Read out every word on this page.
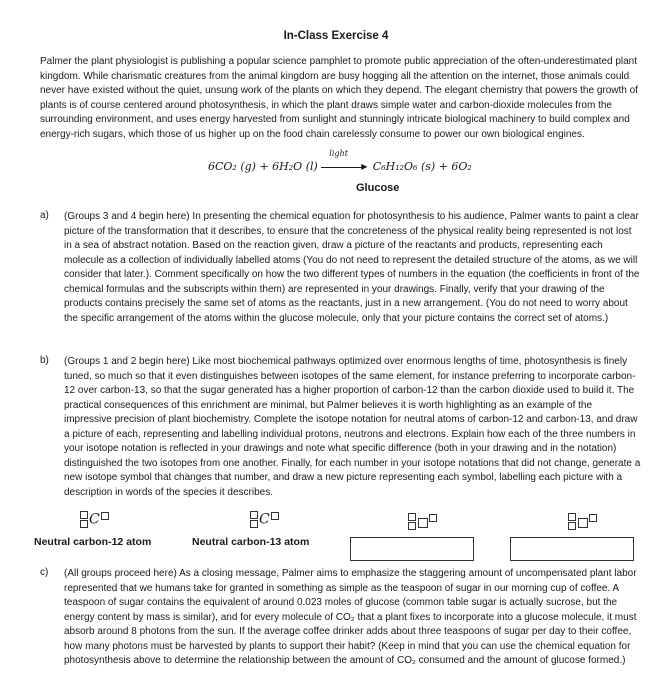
In-Class Exercise 4
Palmer the plant physiologist is publishing a popular science pamphlet to promote public appreciation of the often-underestimated plant kingdom. While charismatic creatures from the animal kingdom are busy hogging all the attention on the internet, those animals could never have existed without the quiet, unsung work of the plants on which they depend. The elegant chemistry that powers the growth of plants is of course centered around photosynthesis, in which the plant draws simple water and carbon-dioxide molecules from the surrounding environment, and uses energy harvested from sunlight and stunningly intricate biological machinery to build complex and energy-rich sugars, which those of us higher up on the food chain carelessly consume to power our own biological engines.
6CO₂ (g) + 6H₂O (l)
light
▶ C₆H₁₂O₆ (s) + 6O₂
Glucose
a) (Groups 3 and 4 begin here) In presenting the chemical equation for photosynthesis to his audience, Palmer wants to paint a clear picture of the transformation that it describes, to ensure that the concreteness of the physical reality being represented is not lost in a sea of abstract notation. Based on the reaction given, draw a picture of the reactants and products, representing each molecule as a collection of individually labelled atoms (You do not need to represent the detailed structure of the atoms, as we will consider that later.). Comment specifically on how the two different types of numbers in the equation (the coefficients in front of the chemical formulas and the subscripts within them) are represented in your drawings. Finally, verify that your drawing of the products contains precisely the same set of atoms as the reactants, just in a new arrangement. (You do not need to worry about the specific arrangement of the atoms within the glucose molecule, only that your picture contains the correct set of atoms.)
b) (Groups 1 and 2 begin here) Like most biochemical pathways optimized over enormous lengths of time, photosynthesis is finely tuned, so much so that it even distinguishes between isotopes of the same element, for instance preferring to incorporate carbon-12 over carbon-13, so that the sugar generated has a higher proportion of carbon-12 than the carbon dioxide used to build it. The practical consequences of this enrichment are minimal, but Palmer believes it is worth highlighting as an example of the impressive precision of plant biochemistry. Complete the isotope notation for neutral atoms of carbon-12 and carbon-13, and draw a picture of each, representing and labelling individual protons, neutrons and electrons. Explain how each of the three numbers in your isotope notation is reflected in your drawings and note what specific difference (both in your drawing and in the notation) distinguished the two isotopes from one another. Finally, for each number in your isotope notations that did not change, generate a new isotope symbol that changes that number, and draw a new picture representing each symbol, labelling each picture with a description in words of the species it describes.
C
Neutral carbon-12 atom
C
Neutral carbon-13 atom
c) (All groups proceed here) As a closing message, Palmer aims to emphasize the staggering amount of uncompensated plant labor represented that we humans take for granted in something as simple as the teaspoon of sugar in our morning cup of coffee. A teaspoon of sugar contains the equivalent of around 0.023 moles of glucose (common table sugar is actually sucrose, but the energy content by mass is similar), and for every molecule of CO₂ that a plant fixes to incorporate into a glucose molecule, it must absorb around 8 photons from the sun. If the average coffee drinker adds about three teaspoons of sugar per day to their coffee, how many photons must be harvested by plants to support their habit? (Keep in mind that you can use the chemical equation for photosynthesis above to determine the relationship between the amount of CO₂ consumed and the amount of glucose formed.)
